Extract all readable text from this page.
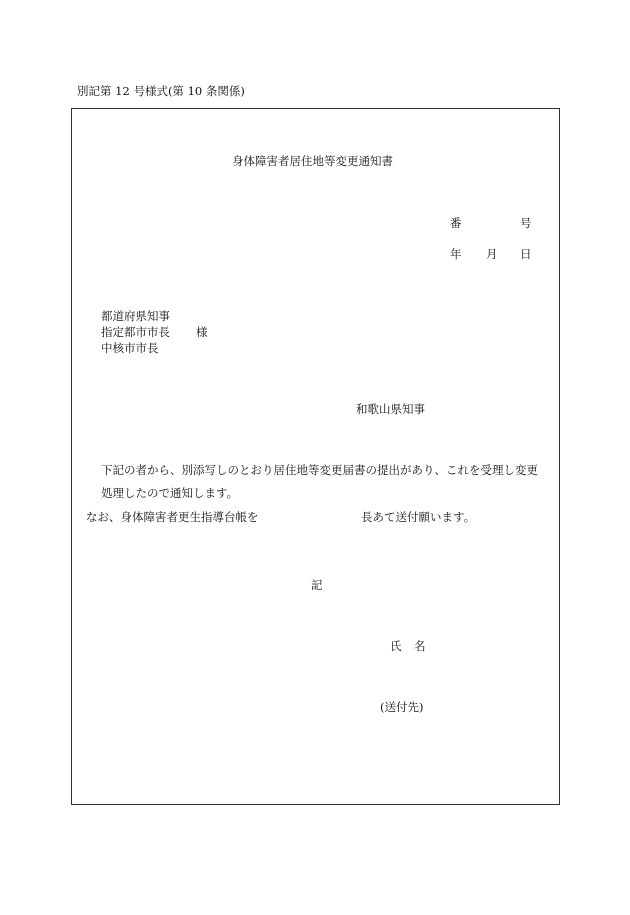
別記第 12 号様式(第 10 条関係)
身体障害者居住地等変更通知書
番	号
年 月 日
都道府県知事
指定都市市長 様
中核市市長
和歌山県知事
下記の者から、別添写しのとおり居住地等変更届書の提出があり、これを受理し変更
処理したので通知します。
なお、身体障害者更生指導台帳を	長あて送付願います。
記
氏 名
(送付先)
